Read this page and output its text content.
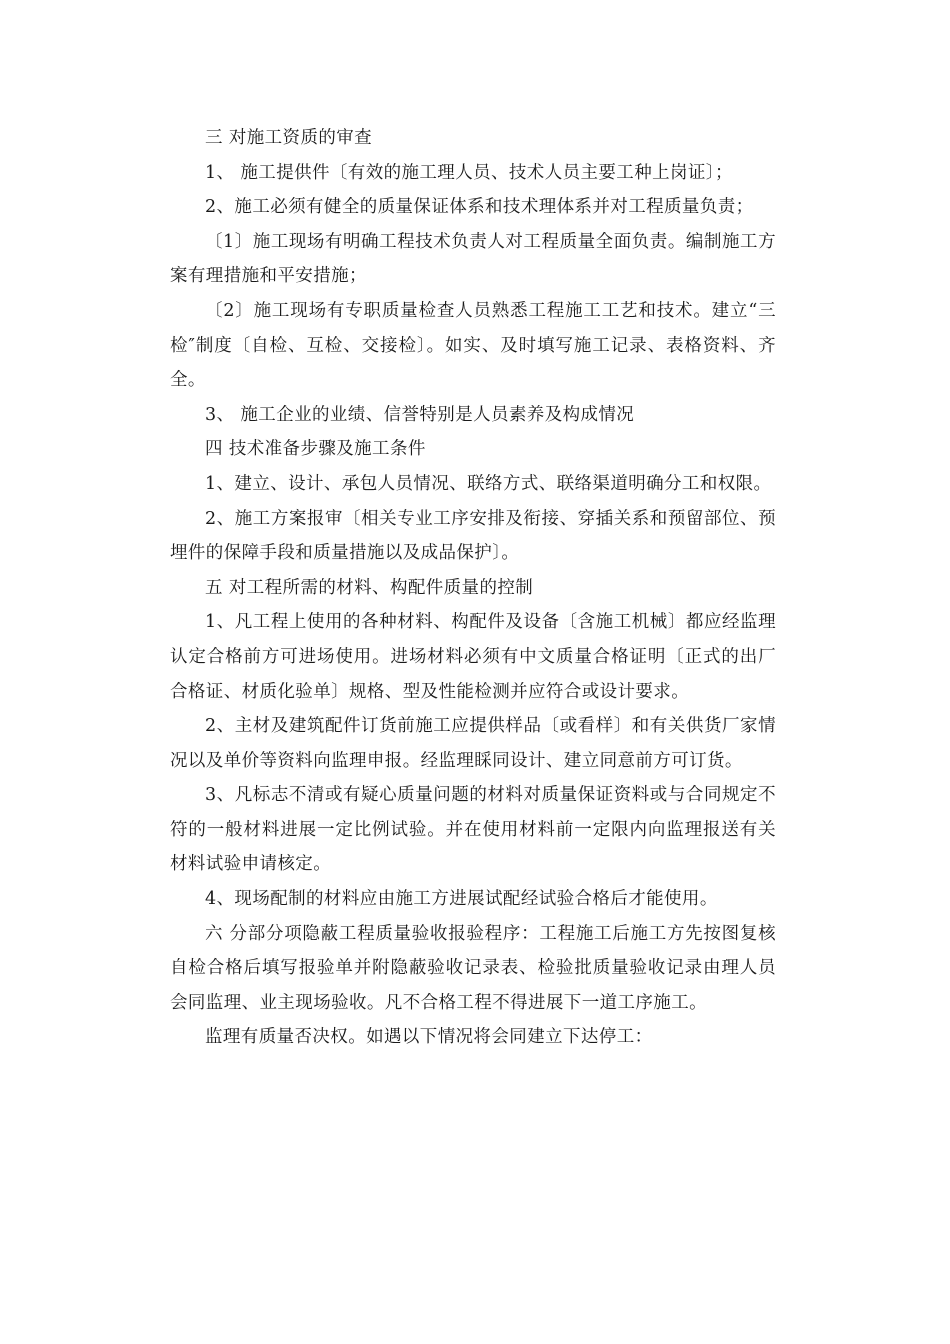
三 对施工资质的审查

1、 施工提供件〔有效的施工理人员、技术人员主要工种上岗证〕；

2、施工必须有健全的质量保证体系和技术理体系并对工程质量负责；

〔1〕施工现场有明确工程技术负责人对工程质量全面负责。编制施工方案有理措施和平安措施；

〔2〕施工现场有专职质量检查人员熟悉工程施工工艺和技术。建立“三检″制度〔自检、互检、交接检〕。如实、及时填写施工记录、表格资料、齐全。

3、 施工企业的业绩、信誉特别是人员素养及构成情况

四 技术准备步骤及施工条件

1、建立、设计、承包人员情况、联络方式、联络渠道明确分工和权限。

2、施工方案报审〔相关专业工序安排及衔接、穿插关系和预留部位、预埋件的保障手段和质量措施以及成品保护〕。

五 对工程所需的材料、构配件质量的控制

1、凡工程上使用的各种材料、构配件及设备〔含施工机械〕都应经监理认定合格前方可进场使用。进场材料必须有中文质量合格证明〔正式的出厂合格证、材质化验单〕规格、型及性能检测并应符合或设计要求。

2、主材及建筑配件订货前施工应提供样品〔或看样〕和有关供货厂家情况以及单价等资料向监理申报。经监理睬同设计、建立同意前方可订货。

3、凡标志不清或有疑心质量问题的材料对质量保证资料或与合同规定不符的一般材料进展一定比例试验。并在使用材料前一定限内向监理报送有关材料试验申请核定。

4、现场配制的材料应由施工方进展试配经试验合格后才能使用。

六 分部分项隐蔽工程质量验收报验程序：工程施工后施工方先按图复核自检合格后填写报验单并附隐蔽验收记录表、检验批质量验收记录由理人员会同监理、业主现场验收。凡不合格工程不得进展下一道工序施工。

监理有质量否决权。如遇以下情况将会同建立下达停工：
